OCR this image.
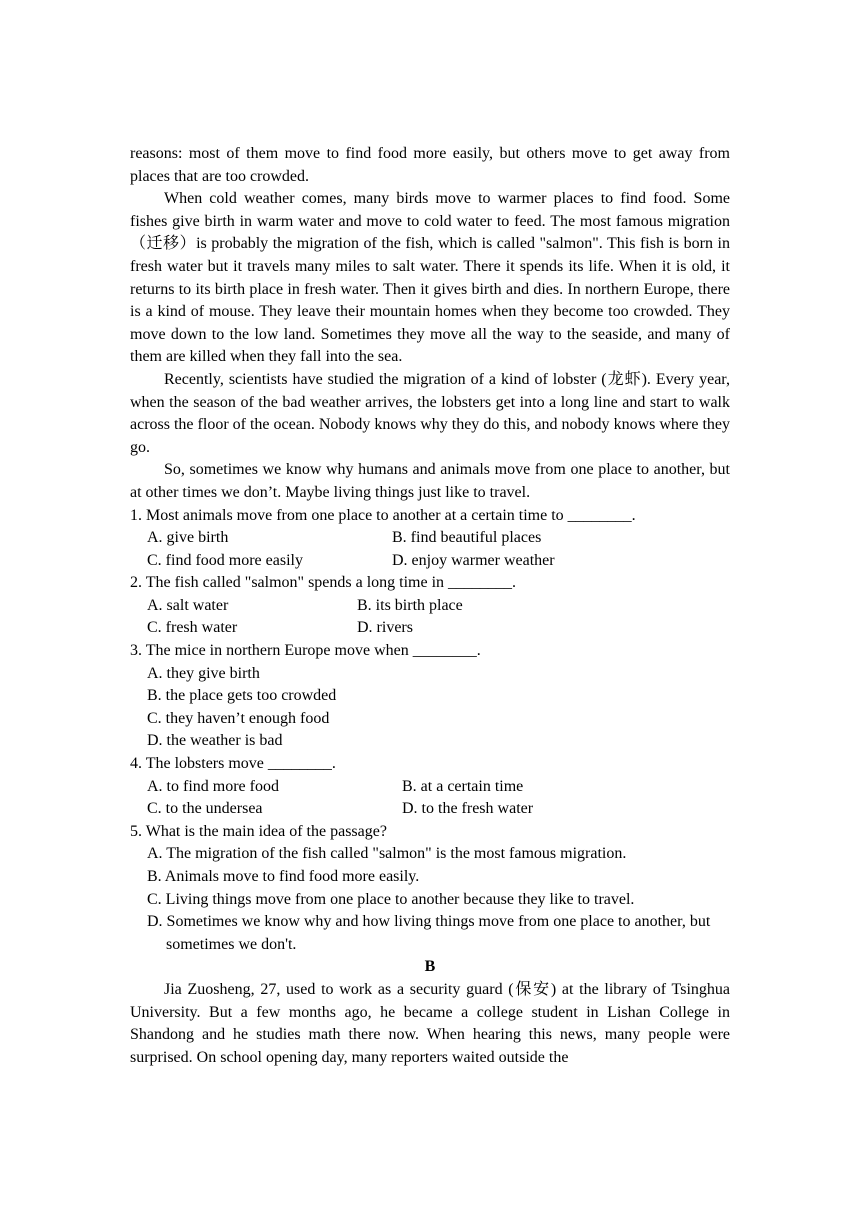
reasons: most of them move to find food more easily, but others move to get away from places that are too crowded.

When cold weather comes, many birds move to warmer places to find food. Some fishes give birth in warm water and move to cold water to feed. The most famous migration（迁移）is probably the migration of the fish, which is called "salmon". This fish is born in fresh water but it travels many miles to salt water. There it spends its life. When it is old, it returns to its birth place in fresh water. Then it gives birth and dies. In northern Europe, there is a kind of mouse. They leave their mountain homes when they become too crowded. They move down to the low land. Sometimes they move all the way to the seaside, and many of them are killed when they fall into the sea.

Recently, scientists have studied the migration of a kind of lobster (龙虾). Every year, when the season of the bad weather arrives, the lobsters get into a long line and start to walk across the floor of the ocean. Nobody knows why they do this, and nobody knows where they go.

So, sometimes we know why humans and animals move from one place to another, but at other times we don’t. Maybe living things just like to travel.

1. Most animals move from one place to another at a certain time to ________.

A. give birth	B. find beautiful places
C. find food more easily	D. enjoy warmer weather

2. The fish called "salmon" spends a long time in ________.

A. salt water	B. its birth place
C. fresh water	D. rivers

3. The mice in northern Europe move when ________.

A. they give birth

B. the place gets too crowded

C. they haven’t enough food

D. the weather is bad

4. The lobsters move ________.

A. to find more food	B. at a certain time
C. to the undersea	D. to the fresh water

5. What is the main idea of the passage?

A. The migration of the fish called "salmon" is the most famous migration.

B. Animals move to find food more easily.

C. Living things move from one place to another because they like to travel.

D. Sometimes we know why and how living things move from one place to another, but sometimes we don't.

B

Jia Zuosheng, 27, used to work as a security guard (保安) at the library of Tsinghua University. But a few months ago, he became a college student in Lishan College in Shandong and he studies math there now. When hearing this news, many people were surprised. On school opening day, many reporters waited outside the
